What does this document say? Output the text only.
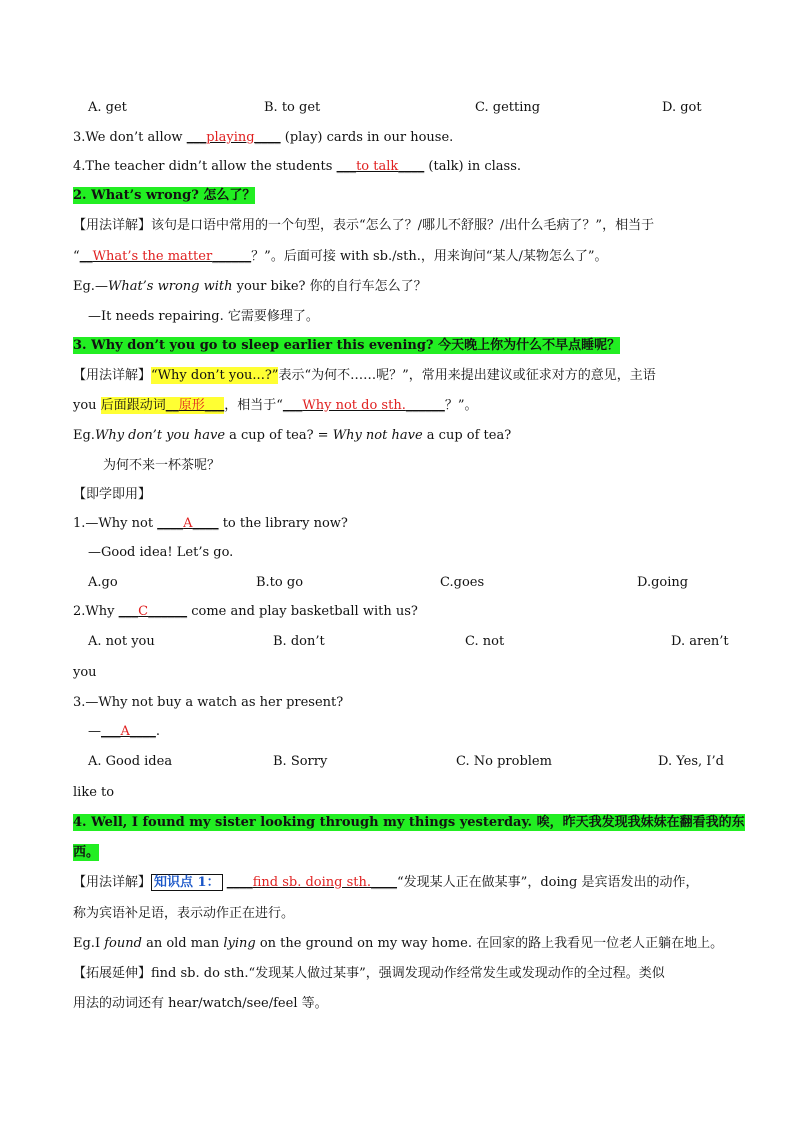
A. get	B. to get	C. getting	D. got
3.We don’t allow ___playing____ (play) cards in our house.
4.The teacher didn’t allow the students ___to talk____ (talk) in class.
2. What’s wrong? 怎么了？
【用法详解】该句是口语中常用的一个句型，表示“怎么了？/哪儿不舒服？/出什么毛病了？”，相当于
“__What’s the matter______？”。后面可接 with sb./sth.，用来询问“某人/某物怎么了”。
Eg.—What’s wrong with your bike? 你的自行车怎么了？
—It needs repairing. 它需要修理了。
3. Why don’t you go to sleep earlier this evening? 今天晚上你为什么不早点睡呢？
【用法详解】“Why don’t you...?”表示“为何不……呢？”，常用来提出建议或征求对方的意见，主语
you 后面跟动词__原形___，相当于“___Why not do sth.______？”。
Eg.Why don’t you have a cup of tea? = Why not have a cup of tea?
为何不来一杯茶呢？
【即学即用】
1.—Why not ____A____ to the library now?
—Good idea! Let’s go.
A.go	B.to go	C.goes	D.going
2.Why ___C______ come and play basketball with us?
A. not you	B. don’t	C. not	D. aren’t
you
3.—Why not buy a watch as her present?
—___A____.
A. Good idea	B. Sorry	C. No problem	D. Yes, I’d
like to
4. Well, I found my sister looking through my things yesterday. 唉，昨天我发现我妹妹在翻看我的东
西。
【用法详解】 知识点 1： ____find sb. doing sth.____“发现某人正在做某事”，doing 是宾语发出的动作，
称为宾语补足语，表示动作正在进行。
Eg.I found an old man lying on the ground on my way home. 在回家的路上我看见一位老人正躺在地上。
【拓展延伸】find sb. do sth.“发现某人做过某事”，强调发现动作经常发生或发现动作的全过程。类似
用法的动词还有 hear/watch/see/feel 等。
